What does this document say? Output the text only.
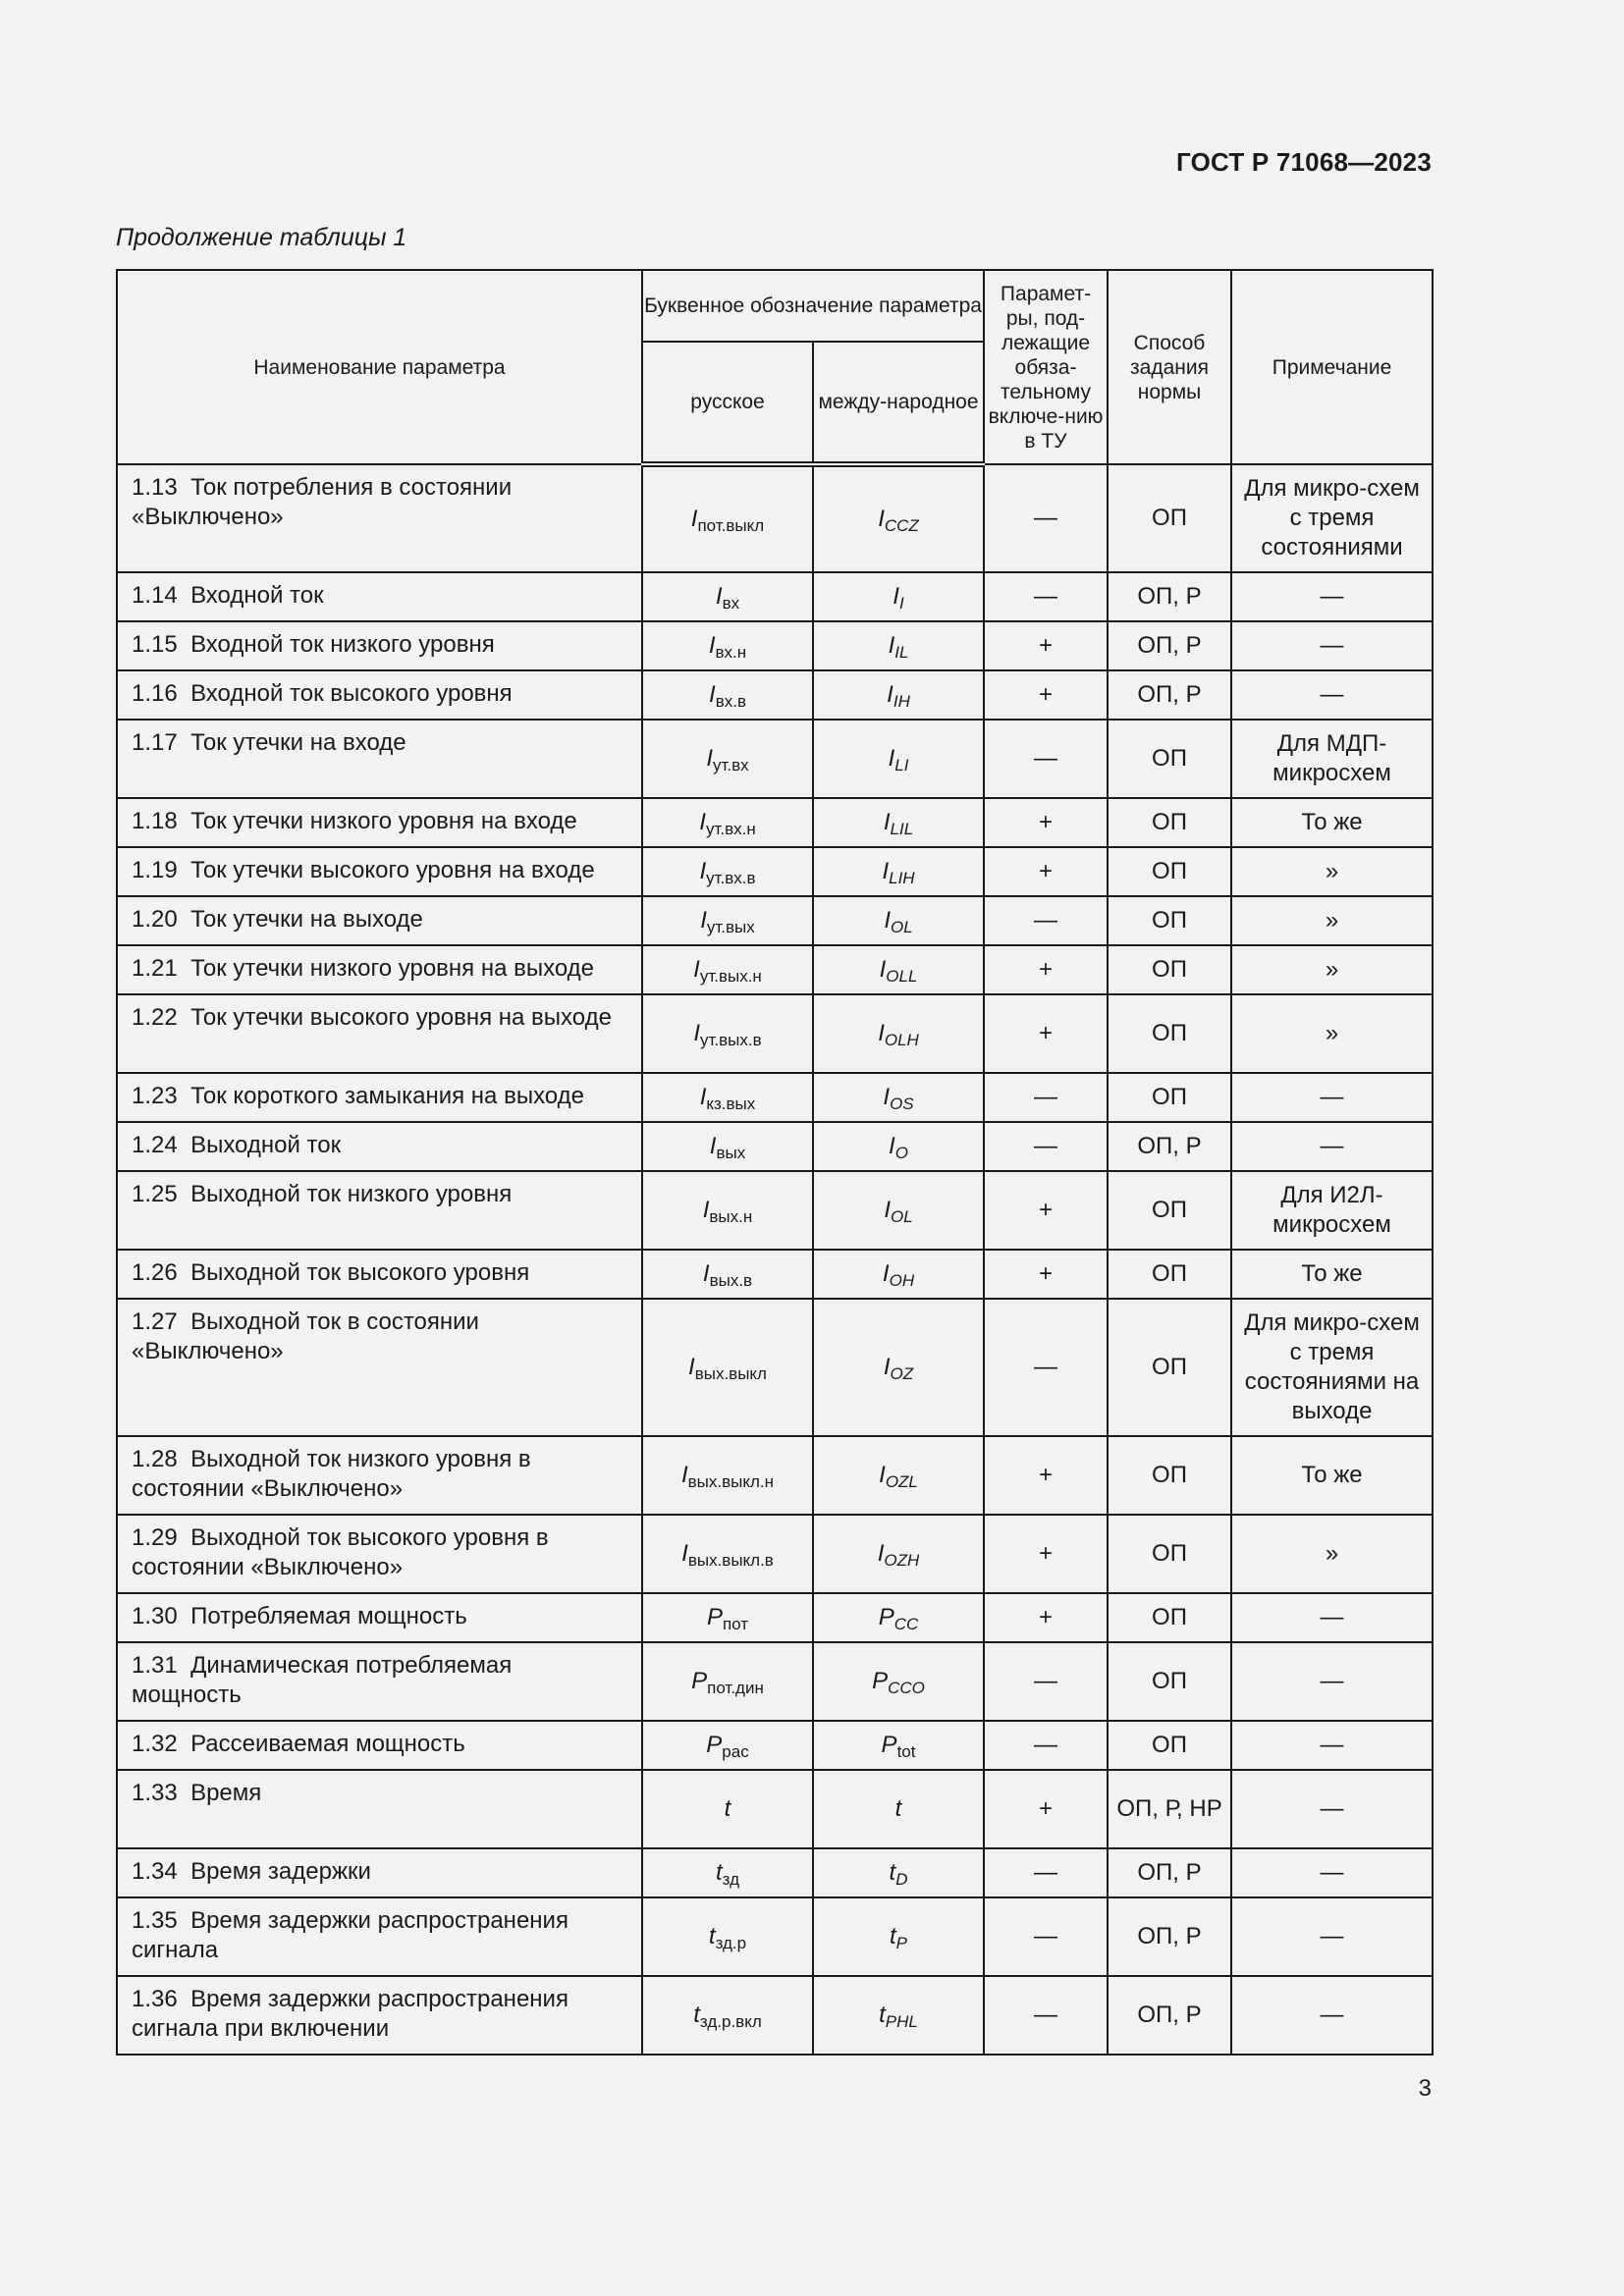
ГОСТ Р 71068—2023
Продолжение таблицы 1
Наименование параметра	Буквенное обозначение параметра		Парамет-ры, под-лежащие обяза-тельному включе-нию в ТУ	Способ задания нормы	Примечание
	русское	между-народное			
1.13 Ток потребления в состоянии «Выключено»	$I_{пот.выкл}$	$I_{CCZ}$	—	ОП	Для микро-схем с тремя состояниями
1.14 Входной ток	$I_{вх}$	$I_I$	—	ОП, Р	—
1.15 Входной ток низкого уровня	$I_{вх.н}$	$I_{IL}$	+	ОП, Р	—
1.16 Входной ток высокого уровня	$I_{вх.в}$	$I_{IH}$	+	ОП, Р	—
1.17 Ток утечки на входе	$I_{ут.вх}$	$I_{LI}$	—	ОП	Для МДП-микросхем
1.18 Ток утечки низкого уровня на входе	$I_{ут.вх.н}$	$I_{LIL}$	+	ОП	То же
1.19 Ток утечки высокого уровня на входе	$I_{ут.вх.в}$	$I_{LIH}$	+	ОП	»
1.20 Ток утечки на выходе	$I_{ут.вых}$	$I_{OL}$	—	ОП	»
1.21 Ток утечки низкого уровня на выходе	$I_{ут.вых.н}$	$I_{OLL}$	+	ОП	»
1.22 Ток утечки высокого уровня на выходе	$I_{ут.вых.в}$	$I_{OLH}$	+	ОП	»
1.23 Ток короткого замыкания на выходе	$I_{кз.вых}$	$I_{OS}$	—	ОП	—
1.24 Выходной ток	$I_{вых}$	$I_O$	—	ОП, Р	—
1.25 Выходной ток низкого уровня	$I_{вых.н}$	$I_{OL}$	+	ОП	Для И2Л-микросхем
1.26 Выходной ток высокого уровня	$I_{вых.в}$	$I_{OH}$	+	ОП	То же
1.27 Выходной ток в состоянии «Выключено»	$I_{вых.выкл}$	$I_{OZ}$	—	ОП	Для микро-схем с тремя состояниями на выходе
1.28 Выходной ток низкого уровня в состоянии «Выключено»	$I_{вых.выкл.н}$	$I_{OZL}$	+	ОП	То же
1.29 Выходной ток высокого уровня в состоянии «Выключено»	$I_{вых.выкл.в}$	$I_{OZH}$	+	ОП	»
1.30 Потребляемая мощность	$P_{пот}$	$P_{CC}$	+	ОП	—
1.31 Динамическая потребляемая мощность	$P_{пот.дин}$	$P_{CCO}$	—	ОП	—
1.32 Рассеиваемая мощность	$P_{рас}$	$P_{tot}$	—	ОП	—
1.33 Время	t	t	+	ОП, Р, НР	—
1.34 Время задержки	$t_{зд}$	$t_D$	—	ОП, Р	—
1.35 Время задержки распространения сигнала	$t_{зд.р}$	$t_P$	—	ОП, Р	—
1.36 Время задержки распространения сигнала при включении	$t_{зд.р.вкл}$	$t_{PHL}$	—	ОП, Р	—
3
